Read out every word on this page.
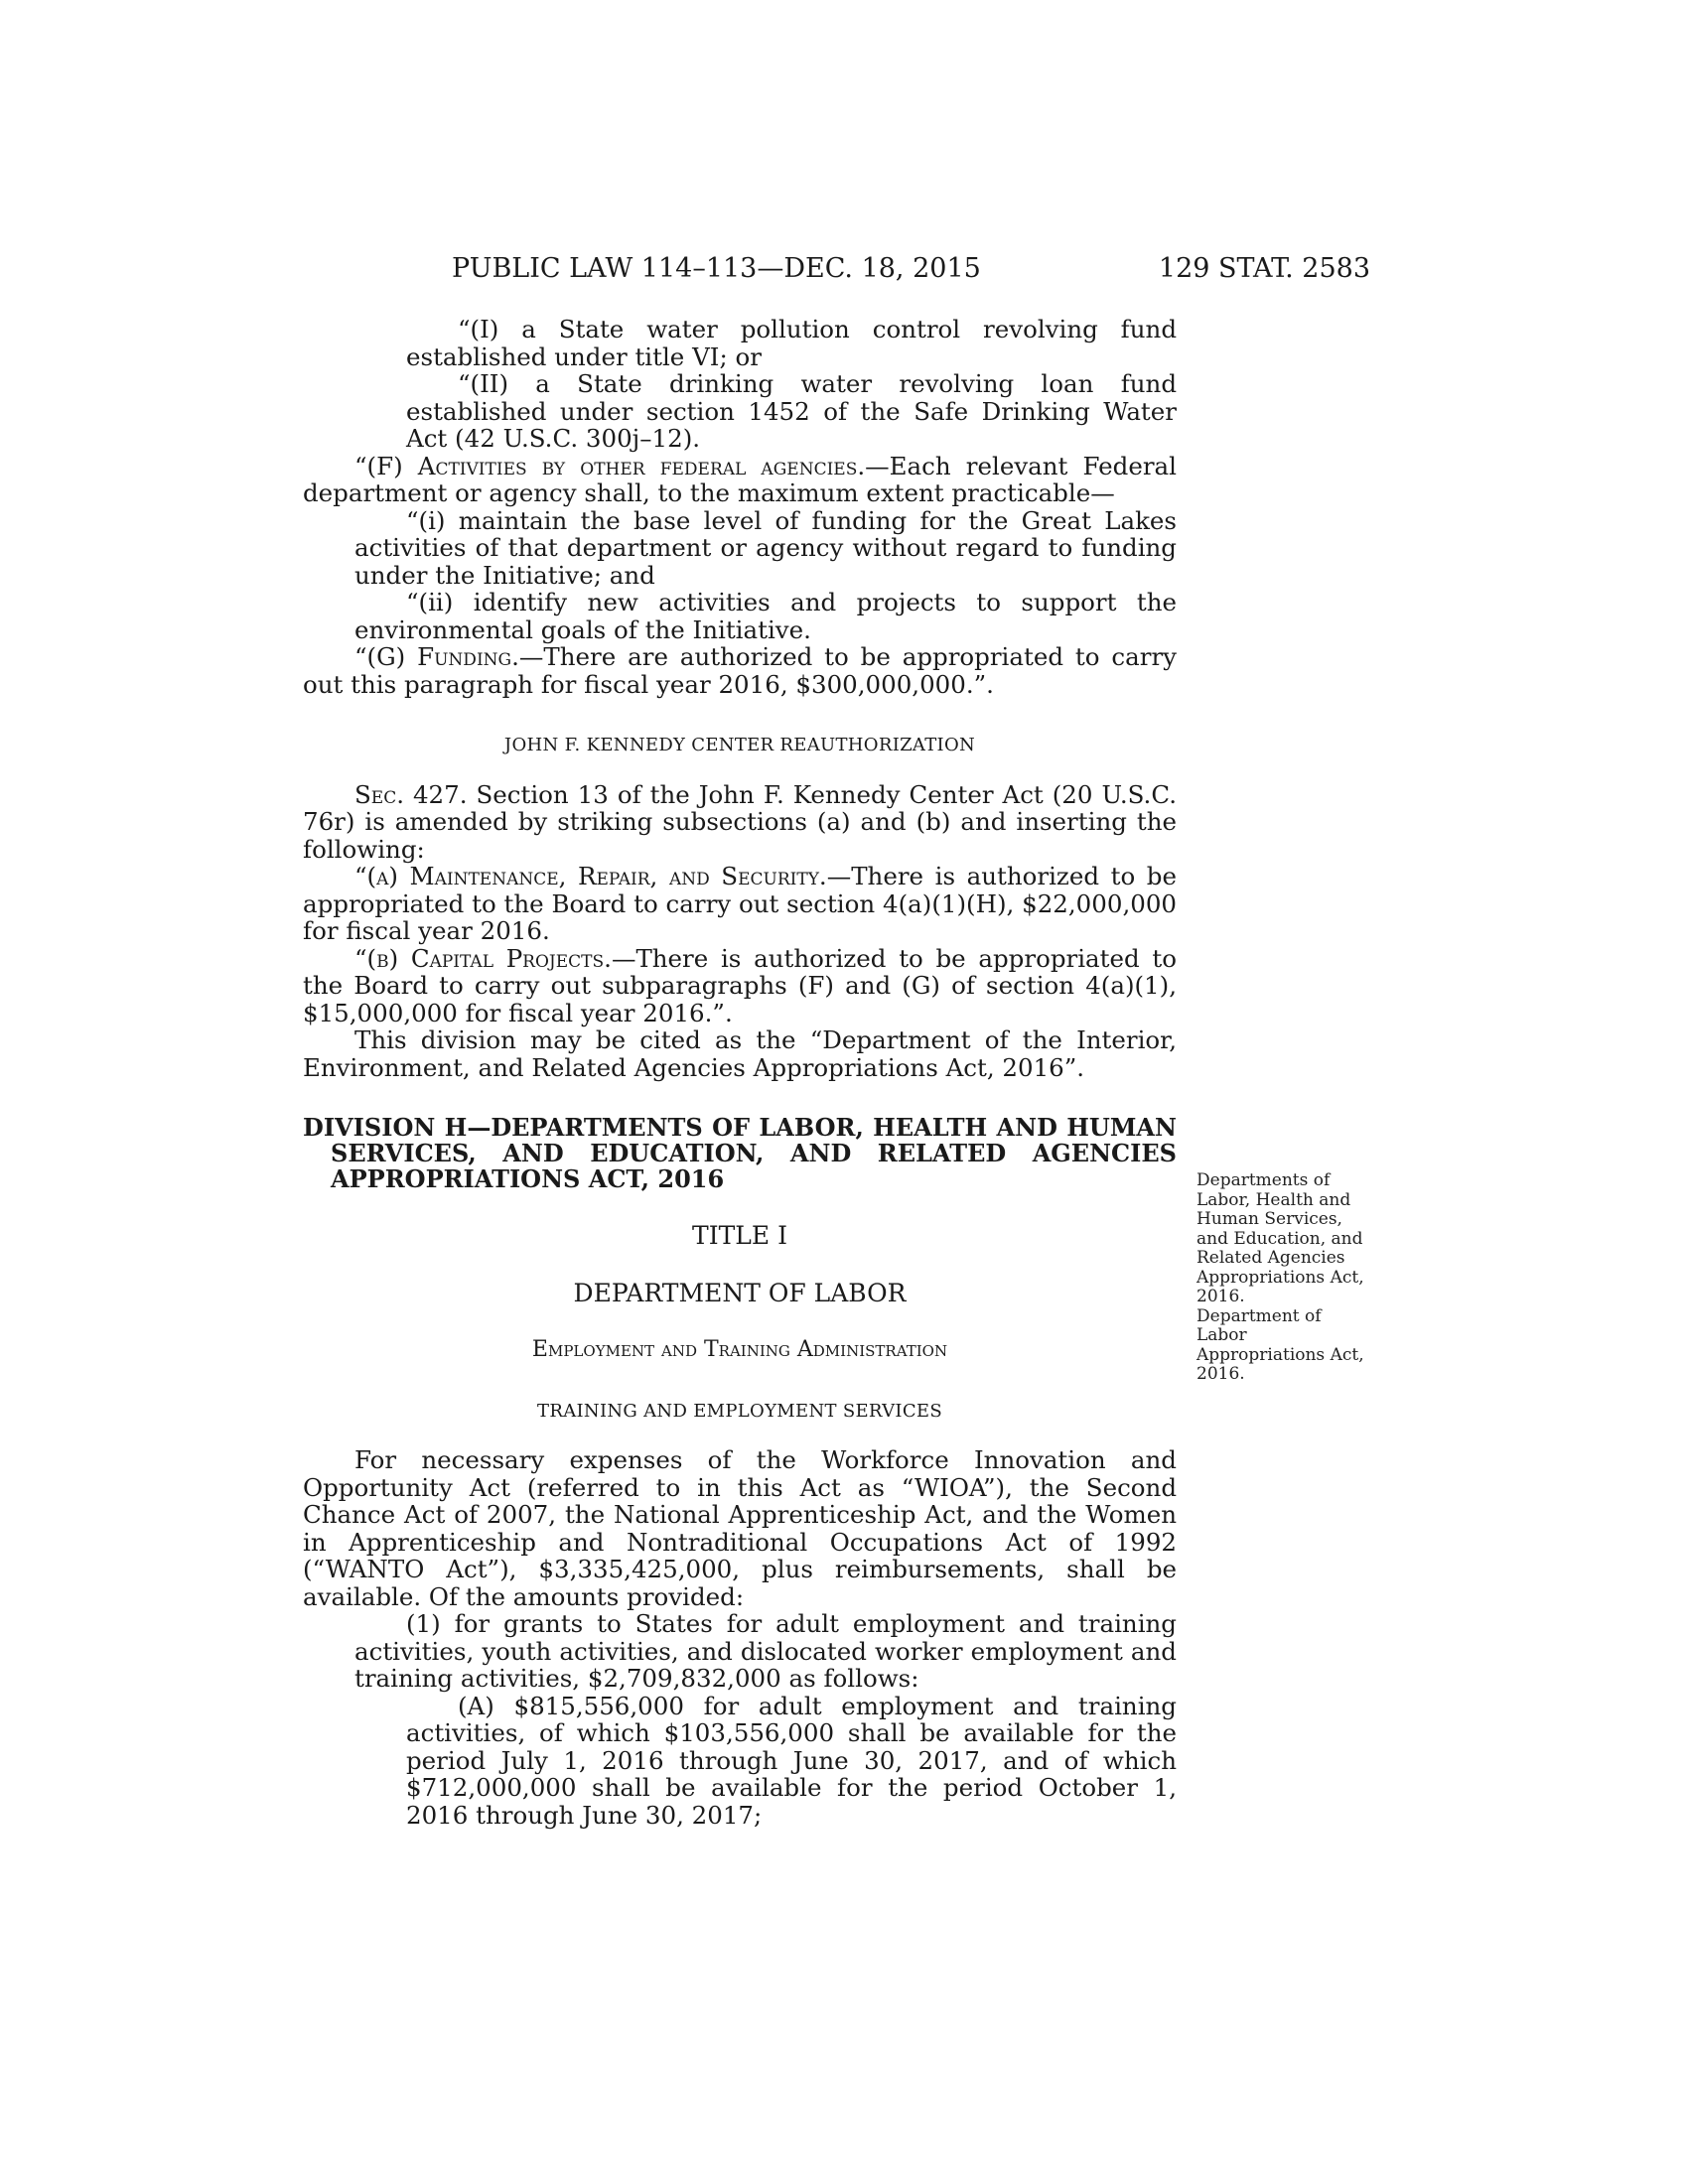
PUBLIC LAW 114–113—DEC. 18, 2015	129 STAT. 2583

“(I) a State water pollution control revolving fund established under title VI; or

“(II) a State drinking water revolving loan fund established under section 1452 of the Safe Drinking Water Act (42 U.S.C. 300j–12).

“(F) Activities by other federal agencies.—Each relevant Federal department or agency shall, to the maximum extent practicable—

“(i) maintain the base level of funding for the Great Lakes activities of that department or agency without regard to funding under the Initiative; and

“(ii) identify new activities and projects to support the environmental goals of the Initiative.

“(G) Funding.—There are authorized to be appropriated to carry out this paragraph for fiscal year 2016, $300,000,000.”.

JOHN F. KENNEDY CENTER REAUTHORIZATION

Sec. 427. Section 13 of the John F. Kennedy Center Act (20 U.S.C. 76r) is amended by striking subsections (a) and (b) and inserting the following:

“(a) Maintenance, Repair, and Security.—There is authorized to be appropriated to the Board to carry out section 4(a)(1)(H), $22,000,000 for fiscal year 2016.

“(b) Capital Projects.—There is authorized to be appropriated to the Board to carry out subparagraphs (F) and (G) of section 4(a)(1), $15,000,000 for fiscal year 2016.”.

This division may be cited as the “Department of the Interior, Environment, and Related Agencies Appropriations Act, 2016”.

DIVISION H—DEPARTMENTS OF LABOR, HEALTH AND HUMAN SERVICES, AND EDUCATION, AND RELATED AGENCIES APPROPRIATIONS ACT, 2016

TITLE I

DEPARTMENT OF LABOR

Employment and Training Administration

TRAINING AND EMPLOYMENT SERVICES

For necessary expenses of the Workforce Innovation and Opportunity Act (referred to in this Act as “WIOA”), the Second Chance Act of 2007, the National Apprenticeship Act, and the Women in Apprenticeship and Nontraditional Occupations Act of 1992 (“WANTO Act”), $3,335,425,000, plus reimbursements, shall be available. Of the amounts provided:

(1) for grants to States for adult employment and training activities, youth activities, and dislocated worker employment and training activities, $2,709,832,000 as follows:

(A) $815,556,000 for adult employment and training activities, of which $103,556,000 shall be available for the period July 1, 2016 through June 30, 2017, and of which $712,000,000 shall be available for the period October 1, 2016 through June 30, 2017;

Departments of Labor, Health and Human Services, and Education, and Related Agencies Appropriations Act, 2016.
Department of Labor Appropriations Act, 2016.
